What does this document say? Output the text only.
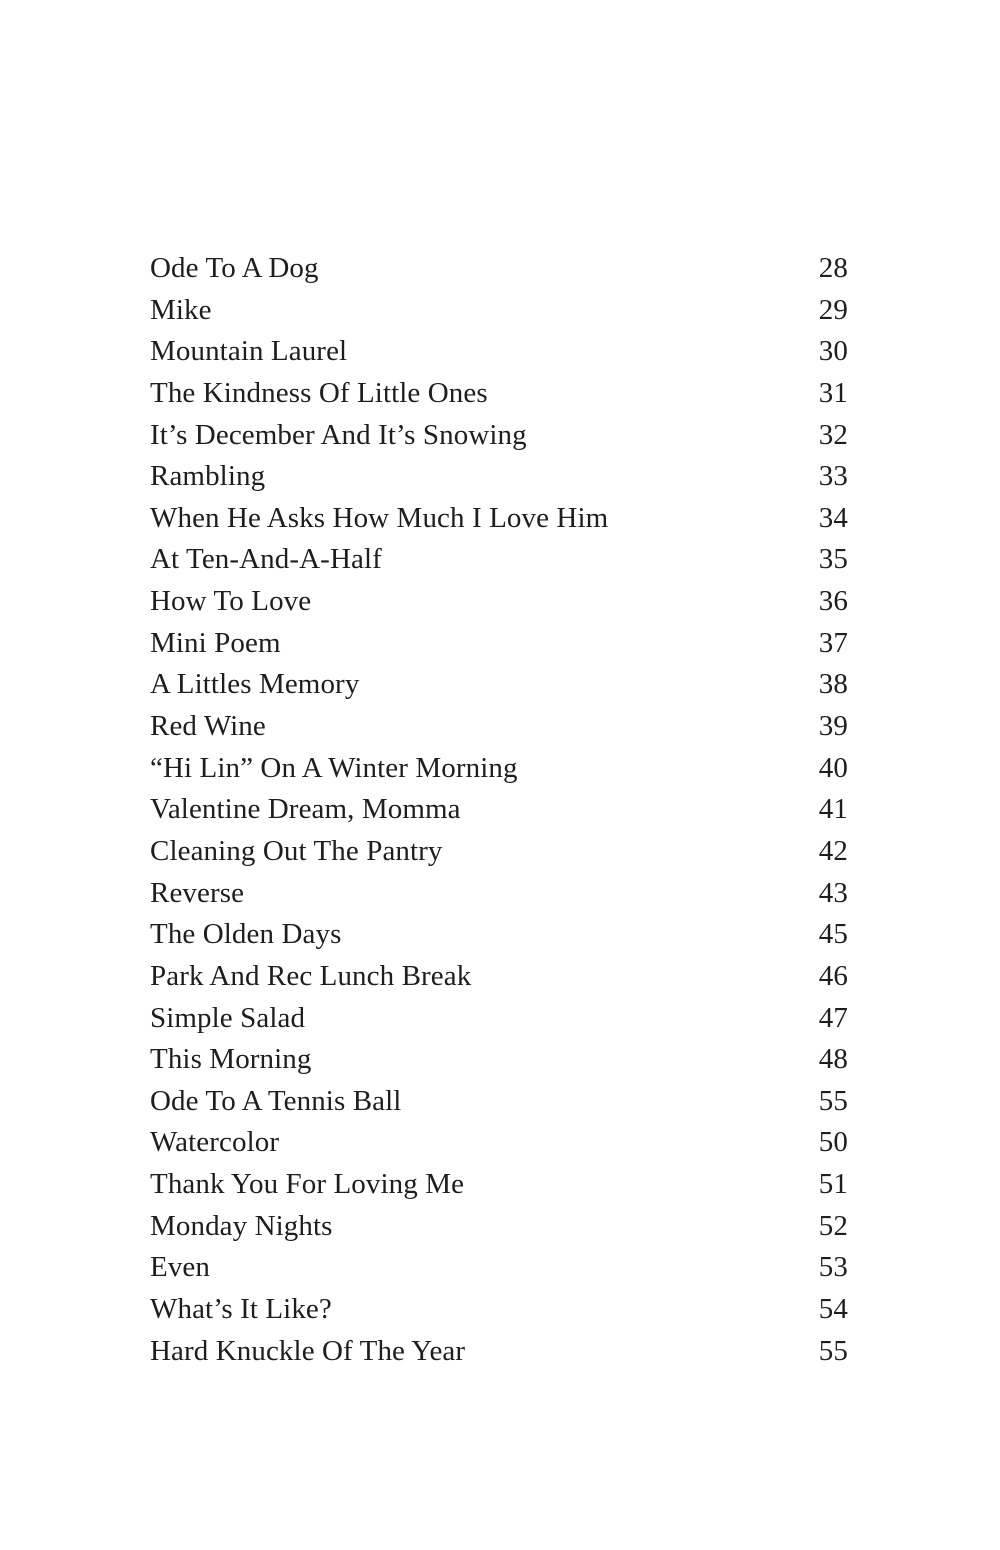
Ode To A Dog	28
Mike	29
Mountain Laurel	30
The Kindness Of Little Ones	31
It’s December And It’s Snowing	32
Rambling	33
When He Asks How Much I Love Him	34
At Ten-And-A-Half	35
How To Love	36
Mini Poem	37
A Littles Memory	38
Red Wine	39
“Hi Lin” On A Winter Morning	40
Valentine Dream, Momma	41
Cleaning Out The Pantry	42
Reverse	43
The Olden Days	45
Park And Rec Lunch Break	46
Simple Salad	47
This Morning	48
Ode To A Tennis Ball	55
Watercolor	50
Thank You For Loving Me	51
Monday Nights	52
Even	53
What’s It Like?	54
Hard Knuckle Of The Year	55
